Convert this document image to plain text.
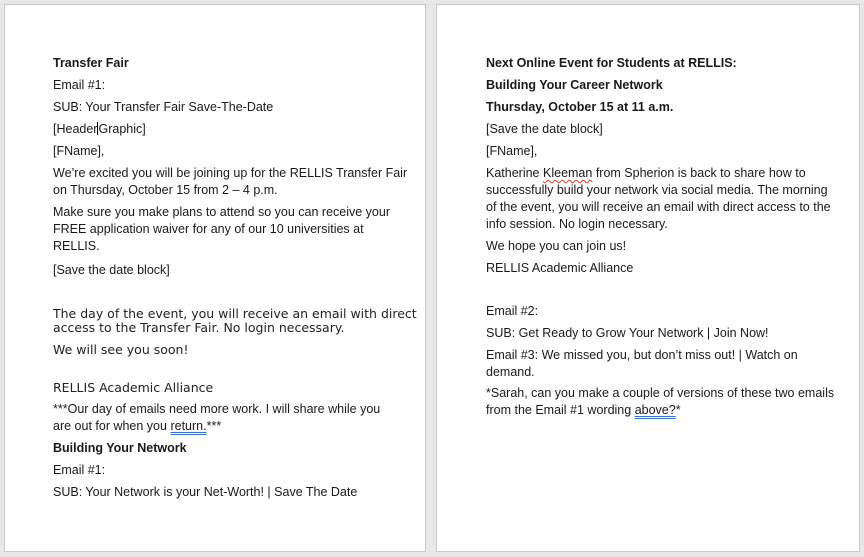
Transfer Fair

Email #1:

SUB: Your Transfer Fair Save-The-Date

[HeaderGraphic]

[FName],

We’re excited you will be joining up for the RELLIS Transfer Fair

on Thursday, October 15 from 2 – 4 p.m.

Make sure you make plans to attend so you can receive your

FREE application waiver for any of our 10 universities at

RELLIS.

[Save the date block]

The day of the event, you will receive an email with direct

access to the Transfer Fair. No login necessary.

We will see you soon!

RELLIS Academic Alliance

***Our day of emails need more work. I will share while you

are out for when you return.***

Building Your Network

Email #1:

SUB: Your Network is your Net-Worth! | Save The Date

Next Online Event for Students at RELLIS:

Building Your Career Network

Thursday, October 15 at 11 a.m.

[Save the date block]

[FName],

Katherine Kleeman from Spherion is back to share how to

successfully build your network via social media. The morning

of the event, you will receive an email with direct access to the

info session. No login necessary.

We hope you can join us!

RELLIS Academic Alliance

Email #2:

SUB: Get Ready to Grow Your Network | Join Now!

Email #3: We missed you, but don’t miss out! | Watch on

demand.

*Sarah, can you make a couple of versions of these two emails

from the Email #1 wording above?*
